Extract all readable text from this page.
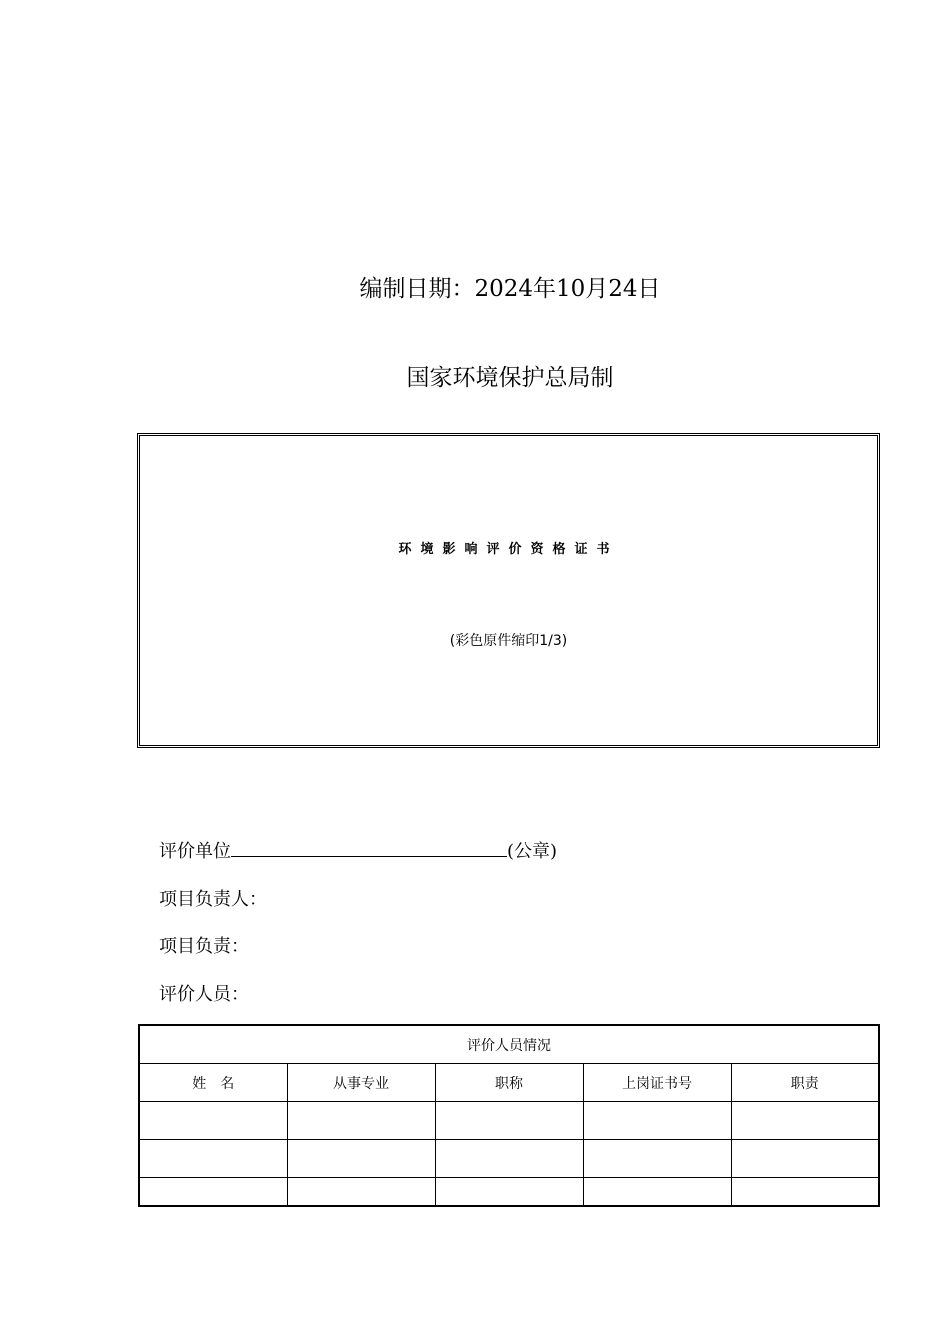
编制日期：2024年10月24日
国家环境保护总局制
环境影响评价资格证书
(彩色原件缩印1/3)
评价单位	(公章)
项目负责人：
项目负责：
评价人员：
评价人员情况				
姓　名	从事专业	职称	上岗证书号	职责
